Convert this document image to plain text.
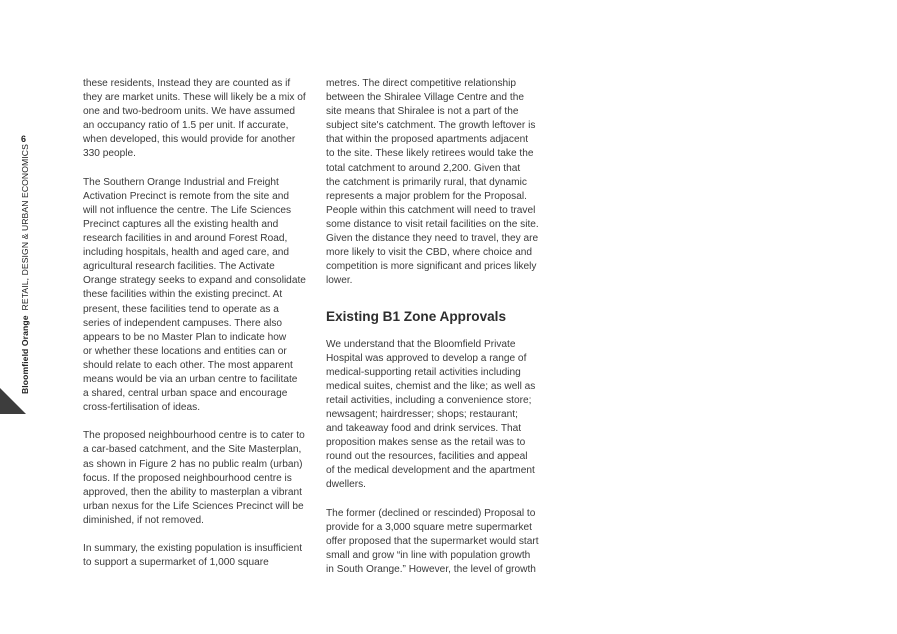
6
Bloomfield Orange  RETAIL, DESIGN & URBAN ECONOMICS

these residents, Instead they are counted as if
they are market units. These will likely be a mix of
one and two-bedroom units. We have assumed
an occupancy ratio of 1.5 per unit. If accurate,
when developed, this would provide for another
330 people.

The Southern Orange Industrial and Freight
Activation Precinct is remote from the site and
will not influence the centre. The Life Sciences
Precinct captures all the existing health and
research facilities in and around Forest Road,
including hospitals, health and aged care, and
agricultural research facilities. The Activate
Orange strategy seeks to expand and consolidate
these facilities within the existing precinct. At
present, these facilities tend to operate as a
series of independent campuses. There also
appears to be no Master Plan to indicate how
or whether these locations and entities can or
should relate to each other. The most apparent
means would be via an urban centre to facilitate
a shared, central urban space and encourage
cross-fertilisation of ideas.

The proposed neighbourhood centre is to cater to
a car-based catchment, and the Site Masterplan,
as shown in Figure 2 has no public realm (urban)
focus. If the proposed neighbourhood centre is
approved, then the ability to masterplan a vibrant
urban nexus for the Life Sciences Precinct will be
diminished, if not removed.

In summary, the existing population is insufficient
to support a supermarket of 1,000 square

metres. The direct competitive relationship
between the Shiralee Village Centre and the
site means that Shiralee is not a part of the
subject site's catchment. The growth leftover is
that within the proposed apartments adjacent
to the site. These likely retirees would take the
total catchment to around 2,200. Given that
the catchment is primarily rural, that dynamic
represents a major problem for the Proposal.
People within this catchment will need to travel
some distance to visit retail facilities on the site.
Given the distance they need to travel, they are
more likely to visit the CBD, where choice and
competition is more significant and prices likely
lower.

Existing B1 Zone Approvals

We understand that the Bloomfield Private
Hospital was approved to develop a range of
medical-supporting retail activities including
medical suites, chemist and the like; as well as
retail activities, including a convenience store;
newsagent; hairdresser; shops; restaurant;
and takeaway food and drink services. That
proposition makes sense as the retail was to
round out the resources, facilities and appeal
of the medical development and the apartment
dwellers.

The former (declined or rescinded) Proposal to
provide for a 3,000 square metre supermarket
offer proposed that the supermarket would start
small and grow “in line with population growth
in South Orange.” However, the level of growth
